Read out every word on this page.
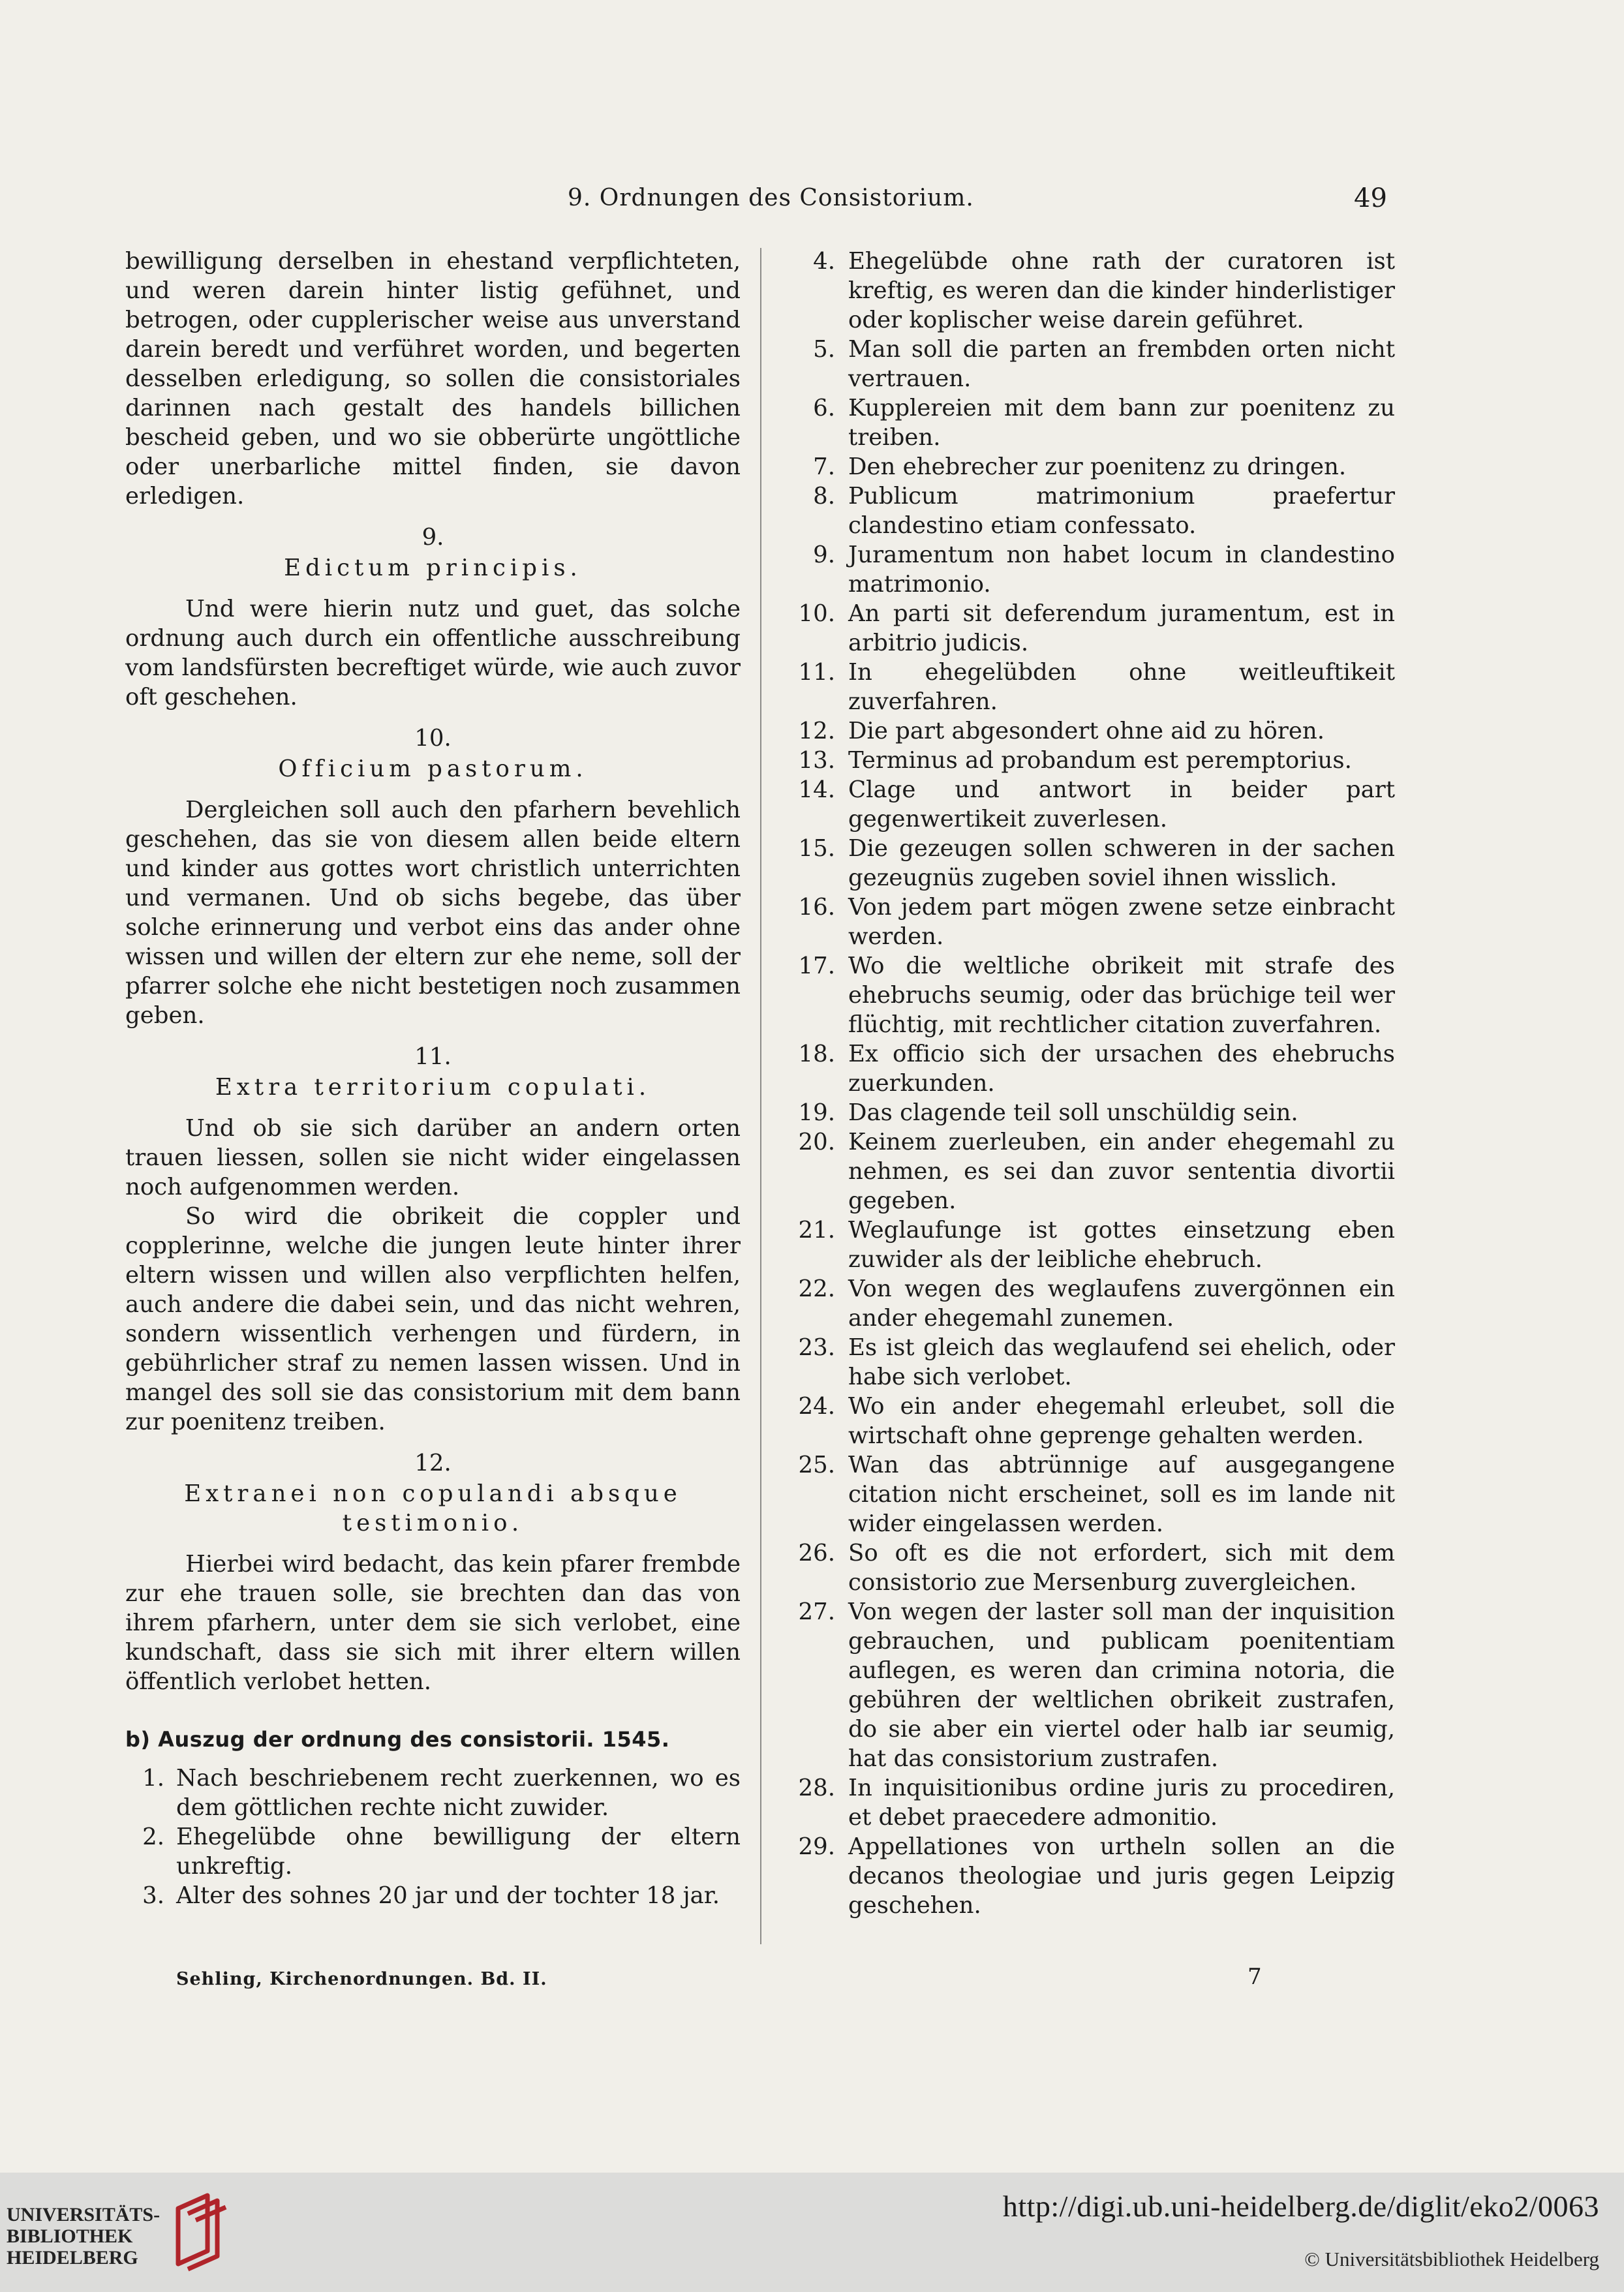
9. Ordnungen des Consistorium.	49

bewilligung derselben in ehestand verpflichteten, und weren darein hinter listig gefühnet, und betrogen, oder cupplerischer weise aus unverstand darein beredt und verführet worden, und begerten desselben erledigung, so sollen die consistoriales darinnen nach gestalt des handels billichen bescheid geben, und wo sie obberürte ungöttliche oder unerbarliche mittel finden, sie davon erledigen.

9.

Edictum principis.

Und were hierin nutz und guet, das solche ordnung auch durch ein offentliche ausschreibung vom landsfürsten becreftiget würde, wie auch zuvor oft geschehen.

10.

Officium pastorum.

Dergleichen soll auch den pfarhern bevehlich geschehen, das sie von diesem allen beide eltern und kinder aus gottes wort christlich unterrichten und vermanen. Und ob sichs begebe, das über solche erinnerung und verbot eins das ander ohne wissen und willen der eltern zur ehe neme, soll der pfarrer solche ehe nicht bestetigen noch zusammen geben.

11.

Extra territorium copulati.

Und ob sie sich darüber an andern orten trauen liessen, sollen sie nicht wider eingelassen noch aufgenommen werden.

So wird die obrikeit die coppler und copplerinne, welche die jungen leute hinter ihrer eltern wissen und willen also verpflichten helfen, auch andere die dabei sein, und das nicht wehren, sondern wissentlich verhengen und fürdern, in gebührlicher straf zu nemen lassen wissen. Und in mangel des soll sie das consistorium mit dem bann zur poenitenz treiben.

12.

Extranei non copulandi absque testimonio.

Hierbei wird bedacht, das kein pfarer frembde zur ehe trauen solle, sie brechten dan das von ihrem pfarhern, unter dem sie sich verlobet, eine kundschaft, dass sie sich mit ihrer eltern willen öffentlich verlobet hetten.

b) Auszug der ordnung des consistorii. 1545.

1. Nach beschriebenem recht zuerkennen, wo es dem göttlichen rechte nicht zuwider.
2. Ehegelübde ohne bewilligung der eltern unkreftig.
3. Alter des sohnes 20 jar und der tochter 18 jar.
4. Ehegelübde ohne rath der curatoren ist kreftig, es weren dan die kinder hinderlistiger oder koplischer weise darein geführet.
5. Man soll die parten an frembden orten nicht vertrauen.
6. Kupplereien mit dem bann zur poenitenz zu treiben.
7. Den ehebrecher zur poenitenz zu dringen.
8. Publicum matrimonium praefertur clandestino etiam confessato.
9. Juramentum non habet locum in clandestino matrimonio.
10. An parti sit deferendum juramentum, est in arbitrio judicis.
11. In ehegelübden ohne weitleuftikeit zuverfahren.
12. Die part abgesondert ohne aid zu hören.
13. Terminus ad probandum est peremptorius.
14. Clage und antwort in beider part gegenwertikeit zuverlesen.
15. Die gezeugen sollen schweren in der sachen gezeugnüs zugeben soviel ihnen wisslich.
16. Von jedem part mögen zwene setze einbracht werden.
17. Wo die weltliche obrikeit mit strafe des ehebruchs seumig, oder das brüchige teil wer flüchtig, mit rechtlicher citation zuverfahren.
18. Ex officio sich der ursachen des ehebruchs zuerkunden.
19. Das clagende teil soll unschüldig sein.
20. Keinem zuerleuben, ein ander ehegemahl zu nehmen, es sei dan zuvor sententia divortii gegeben.
21. Weglaufunge ist gottes einsetzung eben zuwider als der leibliche ehebruch.
22. Von wegen des weglaufens zuvergönnen ein ander ehegemahl zunemen.
23. Es ist gleich das weglaufend sei ehelich, oder habe sich verlobet.
24. Wo ein ander ehegemahl erleubet, soll die wirtschaft ohne geprenge gehalten werden.
25. Wan das abtrünnige auf ausgegangene citation nicht erscheinet, soll es im lande nit wider eingelassen werden.
26. So oft es die not erfordert, sich mit dem consistorio zue Mersenburg zuvergleichen.
27. Von wegen der laster soll man der inquisition gebrauchen, und publicam poenitentiam auflegen, es weren dan crimina notoria, die gebühren der weltlichen obrikeit zustrafen, do sie aber ein viertel oder halb iar seumig, hat das consistorium zustrafen.
28. In inquisitionibus ordine juris zu procediren, et debet praecedere admonitio.
29. Appellationes von urtheln sollen an die decanos theologiae und juris gegen Leipzig geschehen.
Sehling, Kirchenordnungen. Bd. II.	7
UNIVERSITÄTS-
BIBLIOTHEK
HEIDELBERG
http://digi.ub.uni-heidelberg.de/diglit/eko2/0063
© Universitätsbibliothek Heidelberg
